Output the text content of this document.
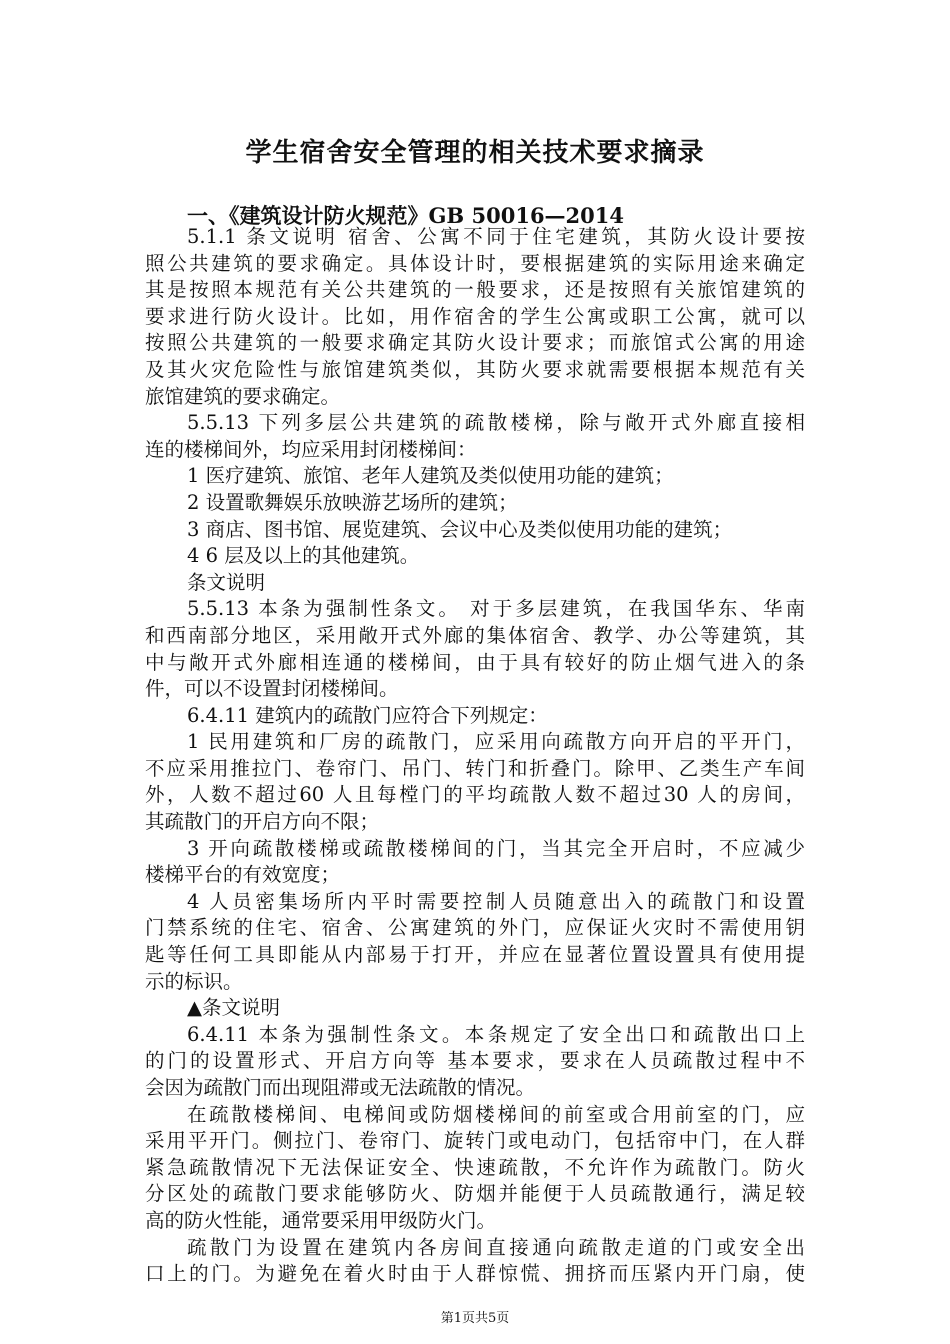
学生宿舍安全管理的相关技术要求摘录
一、《建筑设计防火规范》GB 50016—2014
5.1.1 条文说明 宿舍、公寓不同于住宅建筑，其防火设计要按
照公共建筑的要求确定。具体设计时，要根据建筑的实际用途来确定
其是按照本规范有关公共建筑的一般要求，还是按照有关旅馆建筑的
要求进行防火设计。比如，用作宿舍的学生公寓或职工公寓，就可以
按照公共建筑的一般要求确定其防火设计要求；而旅馆式公寓的用途
及其火灾危险性与旅馆建筑类似，其防火要求就需要根据本规范有关
旅馆建筑的要求确定。
5.5.13 下列多层公共建筑的疏散楼梯，除与敞开式外廊直接相
连的楼梯间外，均应采用封闭楼梯间：
1 医疗建筑、旅馆、老年人建筑及类似使用功能的建筑；
2 设置歌舞娱乐放映游艺场所的建筑；
3 商店、图书馆、展览建筑、会议中心及类似使用功能的建筑；
4 6 层及以上的其他建筑。
条文说明
5.5.13 本条为强制性条文。 对于多层建筑，在我国华东、华南
和西南部分地区，采用敞开式外廊的集体宿舍、教学、办公等建筑，其
中与敞开式外廊相连通的楼梯间，由于具有较好的防止烟气进入的条
件，可以不设置封闭楼梯间。
6.4.11 建筑内的疏散门应符合下列规定：
1 民用建筑和厂房的疏散门，应采用向疏散方向开启的平开门，
不应采用推拉门、卷帘门、吊门、转门和折叠门。除甲、乙类生产车间
外，人数不超过60 人且每樘门的平均疏散人数不超过30 人的房间，
其疏散门的开启方向不限；
3 开向疏散楼梯或疏散楼梯间的门，当其完全开启时，不应减少
楼梯平台的有效宽度；
4 人员密集场所内平时需要控制人员随意出入的疏散门和设置
门禁系统的住宅、宿舍、公寓建筑的外门，应保证火灾时不需使用钥
匙等任何工具即能从内部易于打开，并应在显著位置设置具有使用提
示的标识。
▲条文说明
6.4.11 本条为强制性条文。本条规定了安全出口和疏散出口上
的门的设置形式、开启方向等 基本要求，要求在人员疏散过程中不
会因为疏散门而出现阻滞或无法疏散的情况。
在疏散楼梯间、电梯间或防烟楼梯间的前室或合用前室的门，应
采用平开门。侧拉门、卷帘门、旋转门或电动门，包括帘中门，在人群
紧急疏散情况下无法保证安全、快速疏散，不允许作为疏散门。防火
分区处的疏散门要求能够防火、防烟并能便于人员疏散通行，满足较
高的防火性能，通常要采用甲级防火门。
疏散门为设置在建筑内各房间直接通向疏散走道的门或安全出
口上的门。为避免在着火时由于人群惊慌、拥挤而压紧内开门扇，使
第1页共5页
